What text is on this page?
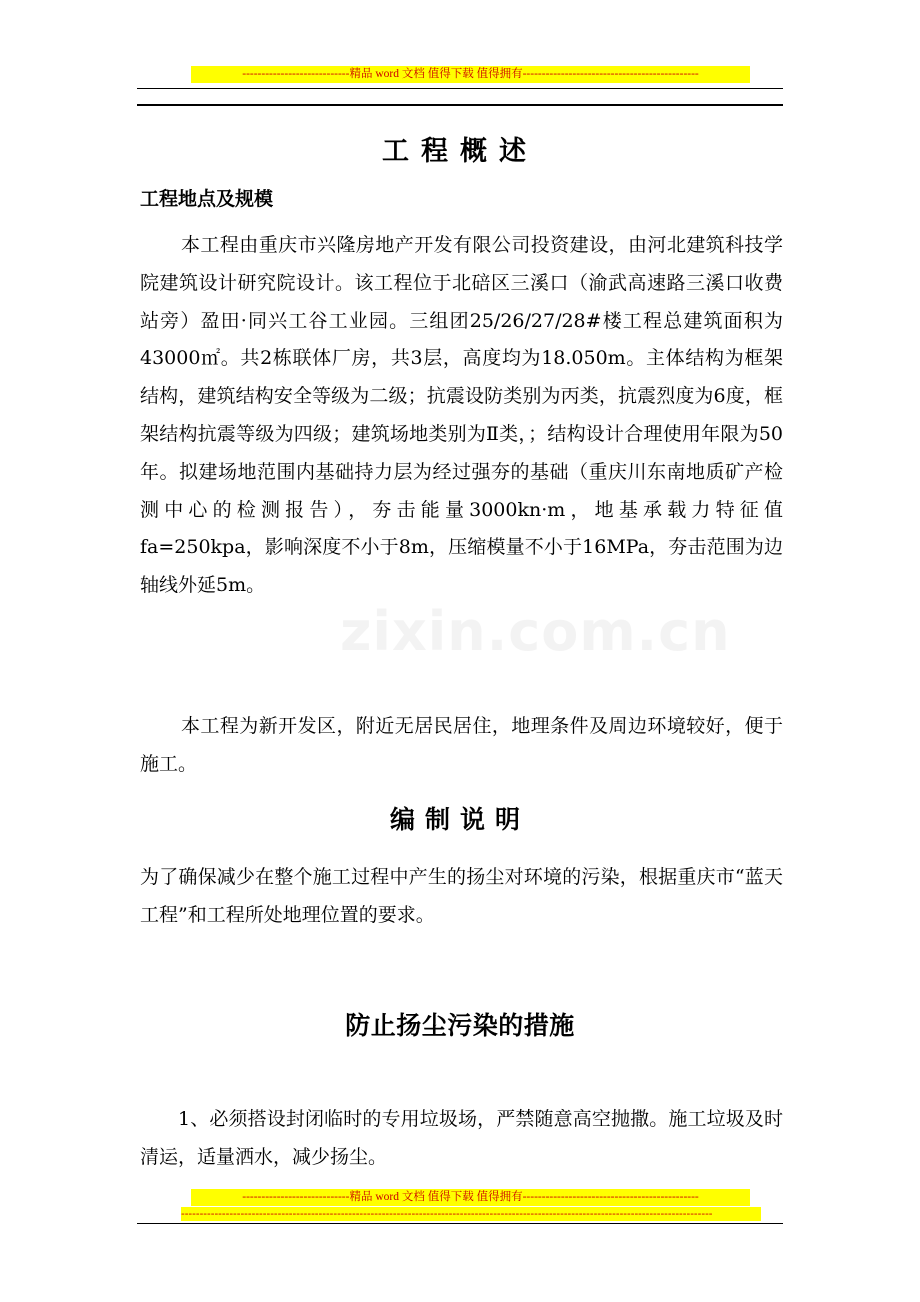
----------------------------精品 word 文档 值得下载 值得拥有----------------------------------------------
工程概述
工程地点及规模

本工程由重庆市兴隆房地产开发有限公司投资建设，由河北建筑科技学院建筑设计研究院设计。该工程位于北碚区三溪口（渝武高速路三溪口收费站旁）盈田·同兴工谷工业园。三组团25/26/27/28#楼工程总建筑面积为43000㎡。共2栋联体厂房，共3层，高度均为18.050m。主体结构为框架结构，建筑结构安全等级为二级；抗震设防类别为丙类，抗震烈度为6度，框架结构抗震等级为四级；建筑场地类别为Ⅱ类，；结构设计合理使用年限为50年。拟建场地范围内基础持力层为经过强夯的基础（重庆川东南地质矿产检测中心的检测报告），夯击能量3000kn·m，地基承载力特征值fa=250kpa，影响深度不小于8m，压缩模量不小于16MPa，夯击范围为边轴线外延5m。

本工程为新开发区，附近无居民居住，地理条件及周边环境较好，便于施工。

编制说明

为了确保减少在整个施工过程中产生的扬尘对环境的污染，根据重庆市“蓝天工程”和工程所处地理位置的要求。

防止扬尘污染的措施

1、必须搭设封闭临时的专用垃圾场，严禁随意高空抛撒。施工垃圾及时清运，适量洒水，减少扬尘。

zixin.com.cn
----------------------------精品 word 文档 值得下载 值得拥有----------------------------------------------
-----------------------------------------------------------------------------------------------------------------------------------------------
